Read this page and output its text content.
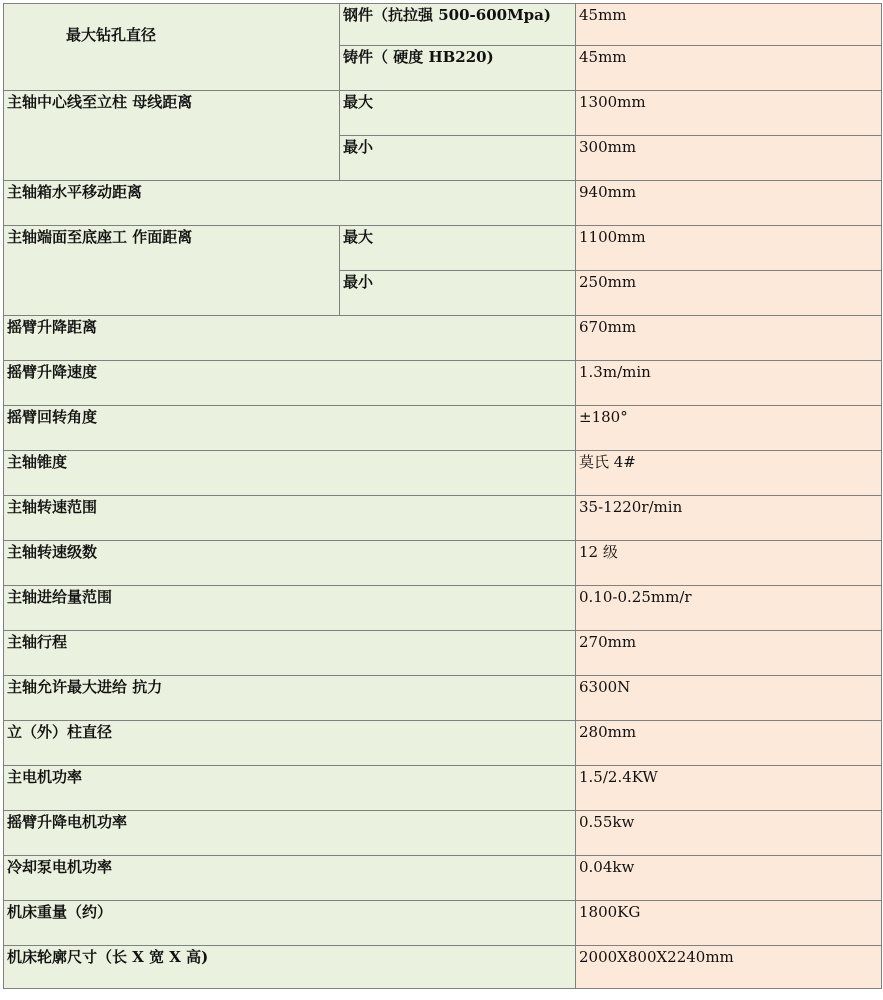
最大钻孔直径	钢件（抗拉强 500-600Mpa)	45mm
	铸件（ 硬度 HB220)	45mm
主轴中心线至立柱 母线距离	最大	1300mm
	最小	300mm
主轴箱水平移动距离		940mm
主轴端面至底座工 作面距离	最大	1100mm
	最小	250mm
摇臂升降距离		670mm
摇臂升降速度		1.3m/min
摇臂回转角度		±180°
主轴锥度		莫氏 4#
主轴转速范围		35-1220r/min
主轴转速级数		12 级
主轴进给量范围		0.10-0.25mm/r
主轴行程		270mm
主轴允许最大进给 抗力		6300N
立（外）柱直径		280mm
主电机功率		1.5/2.4KW
摇臂升降电机功率		0.55kw
冷却泵电机功率		0.04kw
机床重量（约）		1800KG
机床轮廓尺寸（长 X 宽 X 高)		2000X800X2240mm
